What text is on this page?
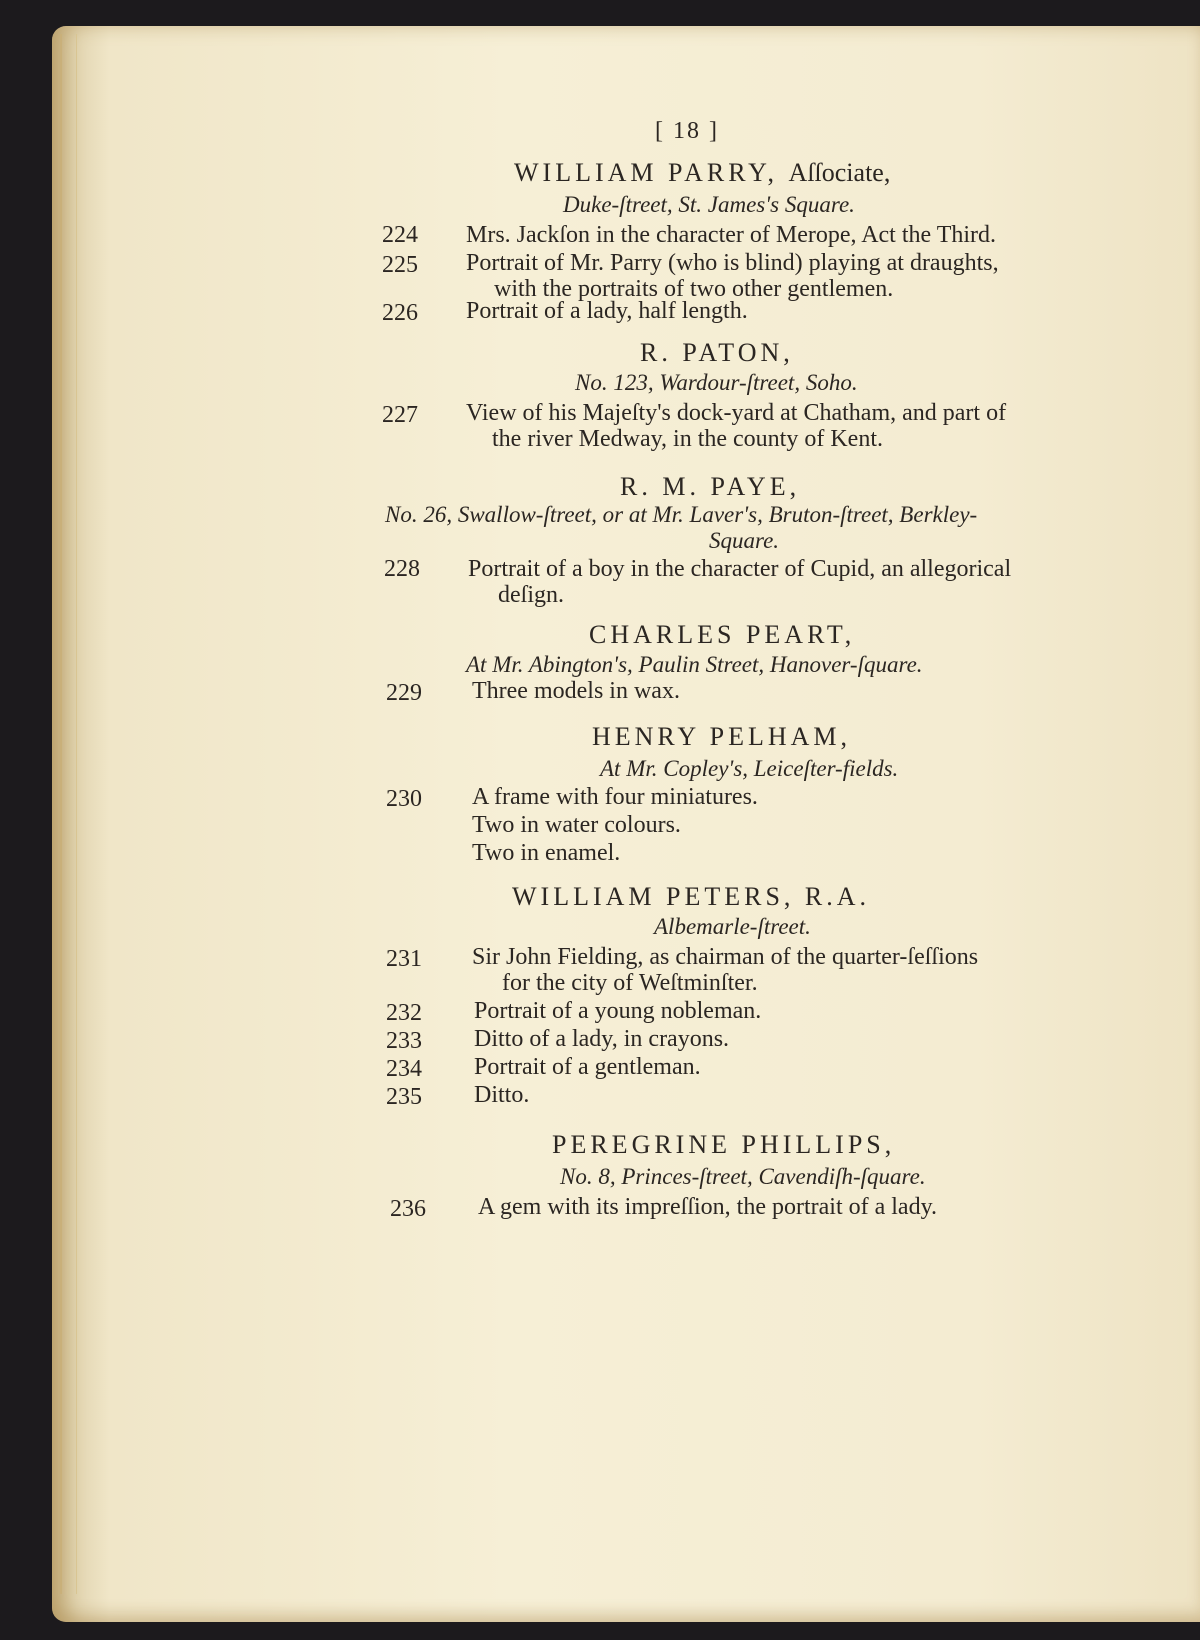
[ 18 ]
WILLIAM PARRY, Aſſociate,
Duke-ſtreet, St. James's Square.
224 Mrs. Jackſon in the character of Merope, Act the Third.
225 Portrait of Mr. Parry (who is blind) playing at draughts,
with the portraits of two other gentlemen.
226 Portrait of a lady, half length.
R. PATON,
No. 123, Wardour-ſtreet, Soho.
227 View of his Majeſty's dock-yard at Chatham, and part of
the river Medway, in the county of Kent.
R. M. PAYE,
No. 26, Swallow-ſtreet, or at Mr. Laver's, Bruton-ſtreet, Berkley-
Square.
228 Portrait of a boy in the character of Cupid, an allegorical
deſign.
CHARLES PEART,
At Mr. Abington's, Paulin Street, Hanover-ſquare.
229 Three models in wax.
HENRY PELHAM,
At Mr. Copley's, Leiceſter-fields.
230 A frame with four miniatures.
Two in water colours.
Two in enamel.
WILLIAM PETERS, R.A.
Albemarle-ſtreet.
231 Sir John Fielding, as chairman of the quarter-ſeſſions
for the city of Weſtminſter.
232 Portrait of a young nobleman.
233 Ditto of a lady, in crayons.
234 Portrait of a gentleman.
235 Ditto.
PEREGRINE PHILLIPS,
No. 8, Princes-ſtreet, Cavendiſh-ſquare.
236 A gem with its impreſſion, the portrait of a lady.
